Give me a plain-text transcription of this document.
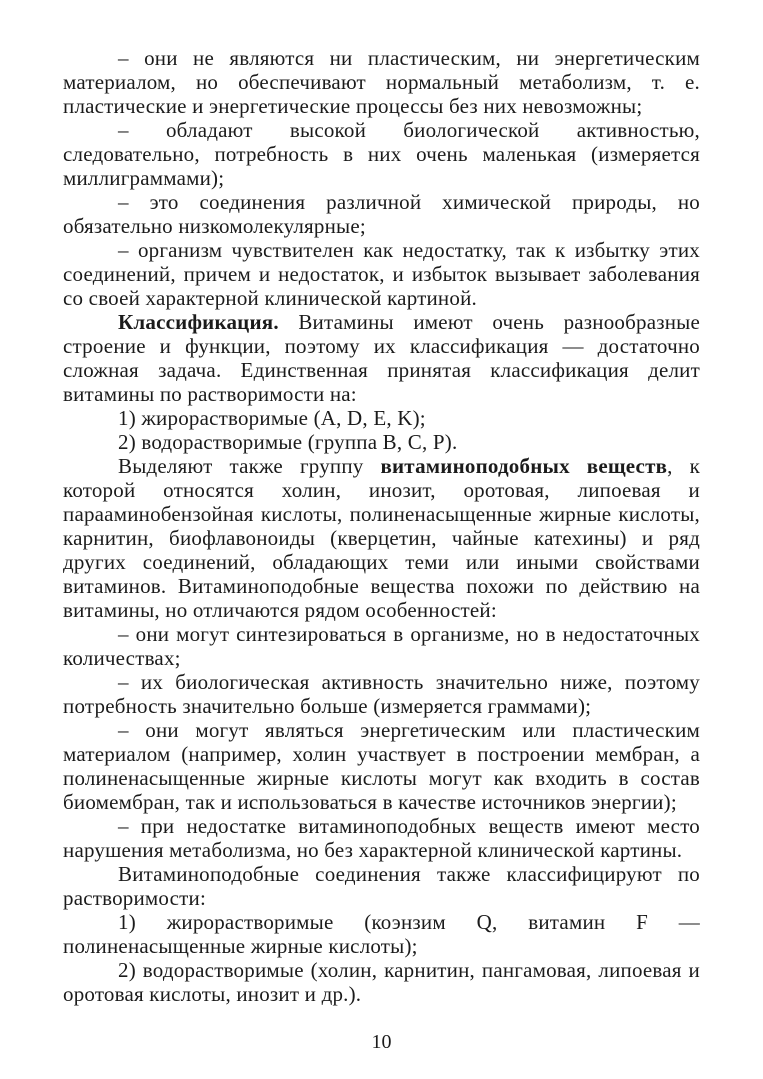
– они не являются ни пластическим, ни энергетическим материалом, но обеспечивают нормальный метаболизм, т. е. пластические и энергетические процессы без них невозможны;

– обладают высокой биологической активностью, следовательно, потребность в них очень маленькая (измеряется миллиграммами);

– это соединения различной химической природы, но обязательно низкомолекулярные;

– организм чувствителен как недостатку, так к избытку этих соединений, причем и недостаток, и избыток вызывает заболевания со своей характерной клинической картиной.

Классификация. Витамины имеют очень разнообразные строение и функции, поэтому их классификация — достаточно сложная задача. Единственная принятая классификация делит витамины по растворимости на:

1) жирорастворимые (A, D, E, K);

2) водорастворимые (группа B, C, P).

Выделяют также группу витаминоподобных веществ, к которой относятся холин, инозит, оротовая, липоевая и парааминобензойная кислоты, полиненасыщенные жирные кислоты, карнитин, биофлавоноиды (кверцетин, чайные катехины) и ряд других соединений, обладающих теми или иными свойствами витаминов. Витаминоподобные вещества похожи по действию на витамины, но отличаются рядом особенностей:

– они могут синтезироваться в организме, но в недостаточных количествах;

– их биологическая активность значительно ниже, поэтому потребность значительно больше (измеряется граммами);

– они могут являться энергетическим или пластическим материалом (например, холин участвует в построении мембран, а полиненасыщенные жирные кислоты могут как входить в состав биомембран, так и использоваться в качестве источников энергии);

– при недостатке витаминоподобных веществ имеют место нарушения метаболизма, но без характерной клинической картины.

Витаминоподобные соединения также классифицируют по растворимости:

1) жирорастворимые (коэнзим Q, витамин F — полиненасыщенные жирные кислоты);

2) водорастворимые (холин, карнитин, пангамовая, липоевая и оротовая кислоты, инозит и др.).

10
